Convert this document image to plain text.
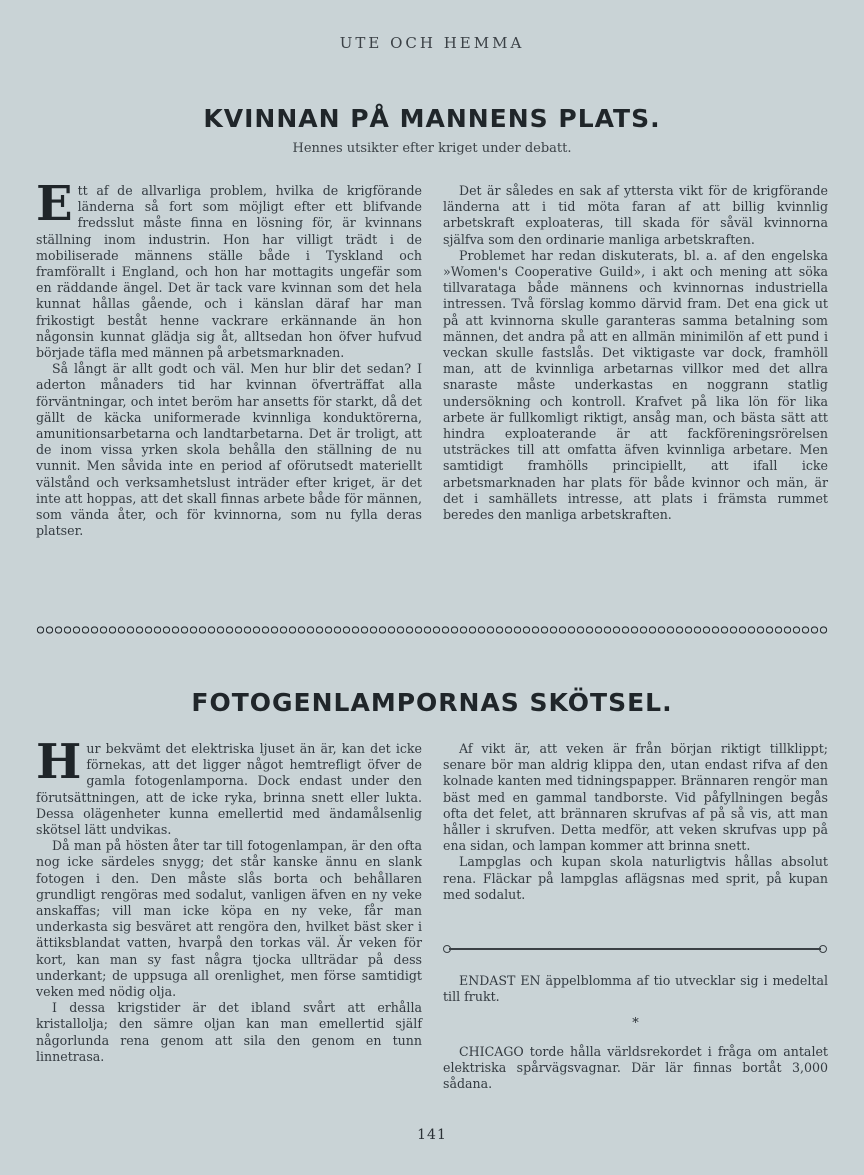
UTE OCH HEMMA
KVINNAN PÅ MANNENS PLATS.
Hennes utsikter efter kriget under debatt.

Ett af de allvarliga problem, hvilka de krigförande länderna så fort som möjligt efter ett blifvande fredsslut måste finna en lösning för, är kvinnans ställning inom industrin. Hon har villigt trädt i de mobiliserade männens ställe både i Tyskland och framförallt i England, och hon har mottagits ungefär som en räddande ängel. Det är tack vare kvinnan som det hela kunnat hållas gående, och i känslan däraf har man frikostigt beståt henne vackrare erkännande än hon någonsin kunnat glädja sig åt, alltsedan hon öfver hufvud började täfla med männen på arbetsmarknaden.

Så långt är allt godt och väl. Men hur blir det sedan? I aderton månaders tid har kvinnan öfverträffat alla förväntningar, och intet beröm har ansetts för starkt, då det gällt de käcka uniformerade kvinnliga konduktörerna, amunitionsarbetarna och landtarbetarna. Det är troligt, att de inom vissa yrken skola behålla den ställning de nu vunnit. Men såvida inte en period af oförutsedt materiellt välstånd och verksamhetslust inträder efter kriget, är det inte att hoppas, att det skall finnas arbete både för männen, som vända åter, och för kvinnorna, som nu fylla deras platser.

Det är således en sak af yttersta vikt för de krigförande länderna att i tid möta faran af att billig kvinnlig arbetskraft exploateras, till skada för såväl kvinnorna själfva som den ordinarie manliga arbetskraften.

Problemet har redan diskuterats, bl. a. af den engelska »Women's Cooperative Guild», i akt och mening att söka tillvarataga både männens och kvinnornas industriella intressen. Två förslag kommo därvid fram. Det ena gick ut på att kvinnorna skulle garanteras samma betalning som männen, det andra på att en allmän minimilön af ett pund i veckan skulle fastslås. Det viktigaste var dock, framhöll man, att de kvinnliga arbetarnas villkor med det allra snaraste måste underkastas en noggrann statlig undersökning och kontroll. Krafvet på lika lön för lika arbete är fullkomligt riktigt, ansåg man, och bästa sätt att hindra exploaterande är att fackföreningsrörelsen utsträckes till att omfatta äfven kvinnliga arbetare. Men samtidigt framhölls principiellt, att ifall icke arbetsmarknaden har plats för både kvinnor och män, är det i samhällets intresse, att plats i främsta rummet beredes den manliga arbetskraften.

FOTOGENLAMPORNAS SKÖTSEL.

Hur bekvämt det elektriska ljuset än är, kan det icke förnekas, att det ligger något hemtrefligt öfver de gamla fotogenlamporna. Dock endast under den förutsättningen, att de icke ryka, brinna snett eller lukta. Dessa olägenheter kunna emellertid med ändamålsenlig skötsel lätt undvikas.

Då man på hösten åter tar till fotogenlampan, är den ofta nog icke särdeles snygg; det står kanske ännu en slank fotogen i den. Den måste slås borta och behållaren grundligt rengöras med sodalut, vanligen äfven en ny veke anskaffas; vill man icke köpa en ny veke, får man underkasta sig besväret att rengöra den, hvilket bäst sker i ättiksblandat vatten, hvarpå den torkas väl. Är veken för kort, kan man sy fast några tjocka ullträdar på dess underkant; de uppsuga all orenlighet, men förse samtidigt veken med nödig olja.

I dessa krigstider är det ibland svårt att erhålla kristallolja; den sämre oljan kan man emellertid själf någorlunda rena genom att sila den genom en tunn linnetrasa.

Af vikt är, att veken är från början riktigt tillklippt; senare bör man aldrig klippa den, utan endast rifva af den kolnade kanten med tidningspapper. Brännaren rengör man bäst med en gammal tandborste. Vid påfyllningen begås ofta det felet, att brännaren skrufvas af på så vis, att man håller i skrufven. Detta medför, att veken skrufvas upp på ena sidan, och lampan kommer att brinna snett.

Lampglas och kupan skola naturligtvis hållas absolut rena. Fläckar på lampglas aflägsnas med sprit, på kupan med sodalut.

ENDAST EN äppelblomma af tio utvecklar sig i medeltal till frukt.
*
CHICAGO torde hålla världsrekordet i fråga om antalet elektriska spårvägsvagnar. Där lär finnas bortåt 3,000 sådana.
141
